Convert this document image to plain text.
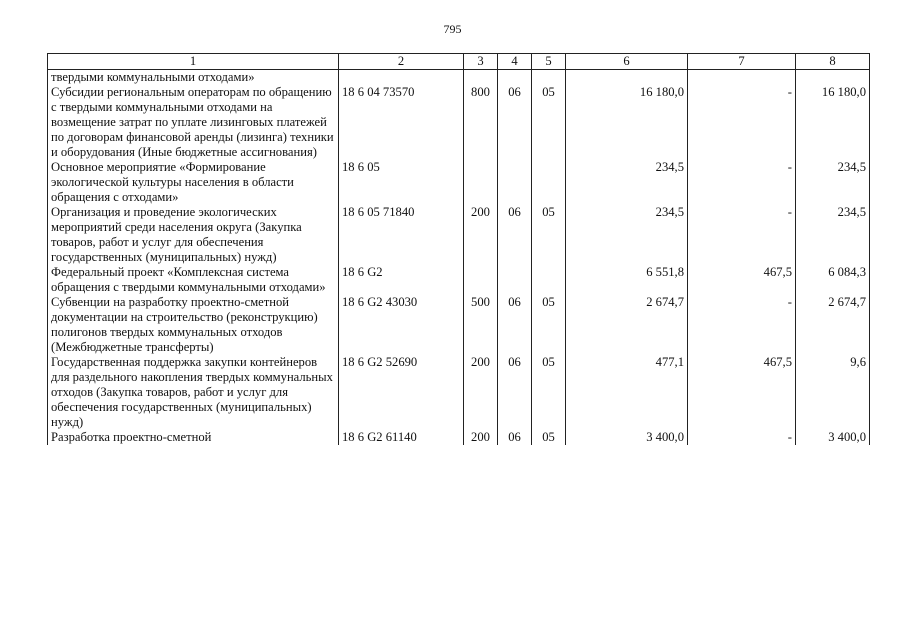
795
1	2	3	4	5	6	7	8
твердыми коммунальными отходами»							
Субсидии региональным операторам по обращению с твердыми коммунальными отходами на возмещение затрат по уплате лизинговых платежей по договорам финансовой аренды (лизинга) техники и оборудования (Иные бюджетные ассигнования)	18 6 04 73570	800	06	05	16 180,0	-	16 180,0
Основное мероприятие «Формирование экологической культуры населения в области обращения с отходами»	18 6 05				234,5	-	234,5
Организация и проведение экологических мероприятий среди населения округа (Закупка товаров, работ и услуг для обеспечения государственных (муниципальных) нужд)	18 6 05 71840	200	06	05	234,5	-	234,5
Федеральный проект «Комплексная система обращения с твердыми коммунальными отходами»	18 6 G2				6 551,8	467,5	6 084,3
Субвенции на разработку проектно-сметной документации на строительство (реконструкцию) полигонов твердых коммунальных отходов (Межбюджетные трансферты)	18 6 G2 43030	500	06	05	2 674,7	-	2 674,7
Государственная поддержка закупки контейнеров для раздельного накопления твердых коммунальных отходов (Закупка товаров, работ и услуг для обеспечения государственных (муниципальных) нужд)	18 6 G2 52690	200	06	05	477,1	467,5	9,6
Разработка проектно-сметной	18 6 G2 61140	200	06	05	3 400,0	-	3 400,0
